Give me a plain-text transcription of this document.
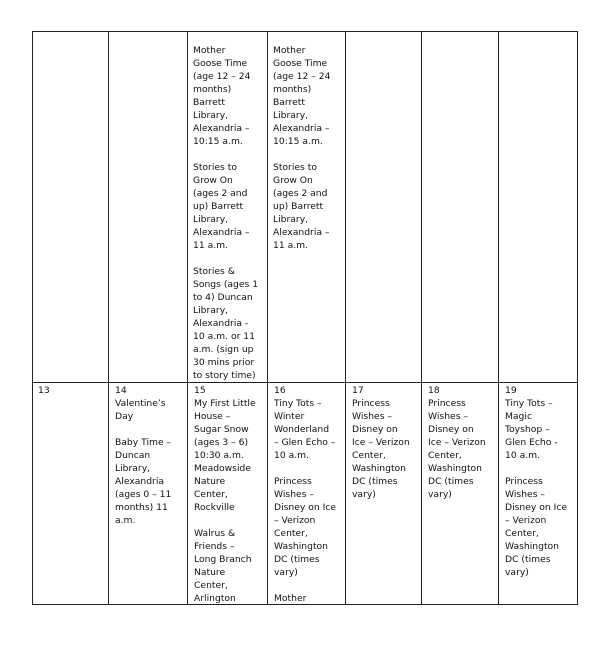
Mother
Goose Time
(age 12 – 24
months)
Barrett
Library,
Alexandria –
10:15 a.m.

Stories to
Grow On
(ages 2 and
up) Barrett
Library,
Alexandria –
11 a.m.

Stories &
Songs (ages 1
to 4) Duncan
Library,
Alexandria -
10 a.m. or 11
a.m. (sign up
30 mins prior
to story time)
Mother
Goose Time
(age 12 – 24
months)
Barrett
Library,
Alexandria –
10:15 a.m.

Stories to
Grow On
(ages 2 and
up) Barrett
Library,
Alexandria –
11 a.m.
13	14
Valentine’s
Day

Baby Time –
Duncan
Library,
Alexandria
(ages 0 – 11
months) 11
a.m.
15
My First Little
House –
Sugar Snow
(ages 3 – 6)
10:30 a.m.
Meadowside
Nature
Center,
Rockville

Walrus &
Friends –
Long Branch
Nature
Center,
Arlington
16
Tiny Tots –
Winter
Wonderland
– Glen Echo –
10 a.m.

Princess
Wishes –
Disney on Ice
– Verizon
Center,
Washington
DC (times
vary)

Mother
17
Princess
Wishes –
Disney on
Ice – Verizon
Center,
Washington
DC (times
vary)
18
Princess
Wishes –
Disney on
Ice – Verizon
Center,
Washington
DC (times
vary)
19
Tiny Tots –
Magic
Toyshop –
Glen Echo -
10 a.m.

Princess
Wishes –
Disney on Ice
– Verizon
Center,
Washington
DC (times
vary)
